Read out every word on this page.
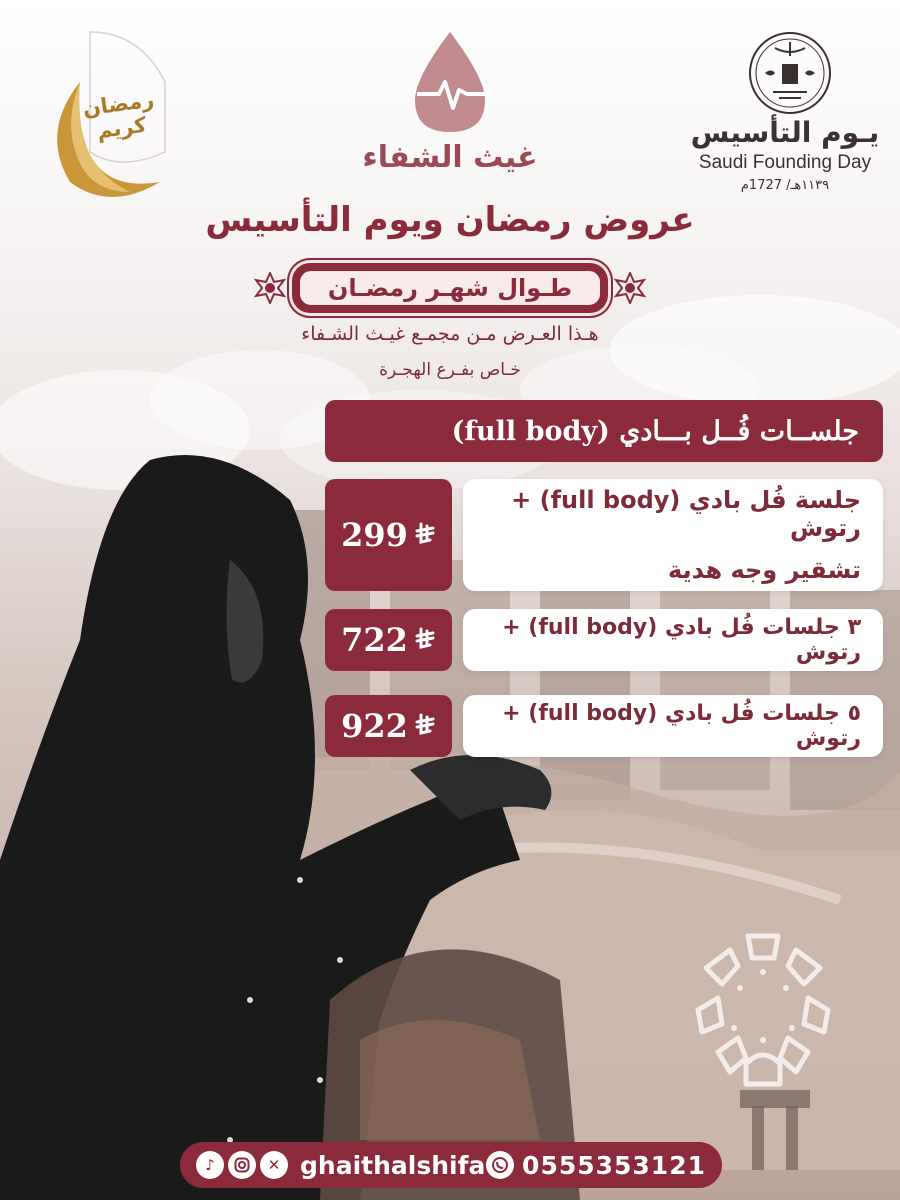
غيث الشفاء
رمضان
كريم	يـوم التأسيس
Saudi Founding Day
١١٣٩هـ/ 1727م
عروض رمضان ويوم التأسيس
طـوال شهـر رمضـان
هـذا العـرض مـن مجمـع غيـث الشـفاء
خـاص بفـرع الهجـرة
جلســات فُــل بـــادي (full body)
جلسة فُل بادي (full body) + رتوش
تشقير وجه هدية
299
٣ جلسات فُل بادي (full body) + رتوش
722
٥ جلسات فُل بادي (full body) + رتوش
922
♪	✕ ghaithalshifa 0555353121
